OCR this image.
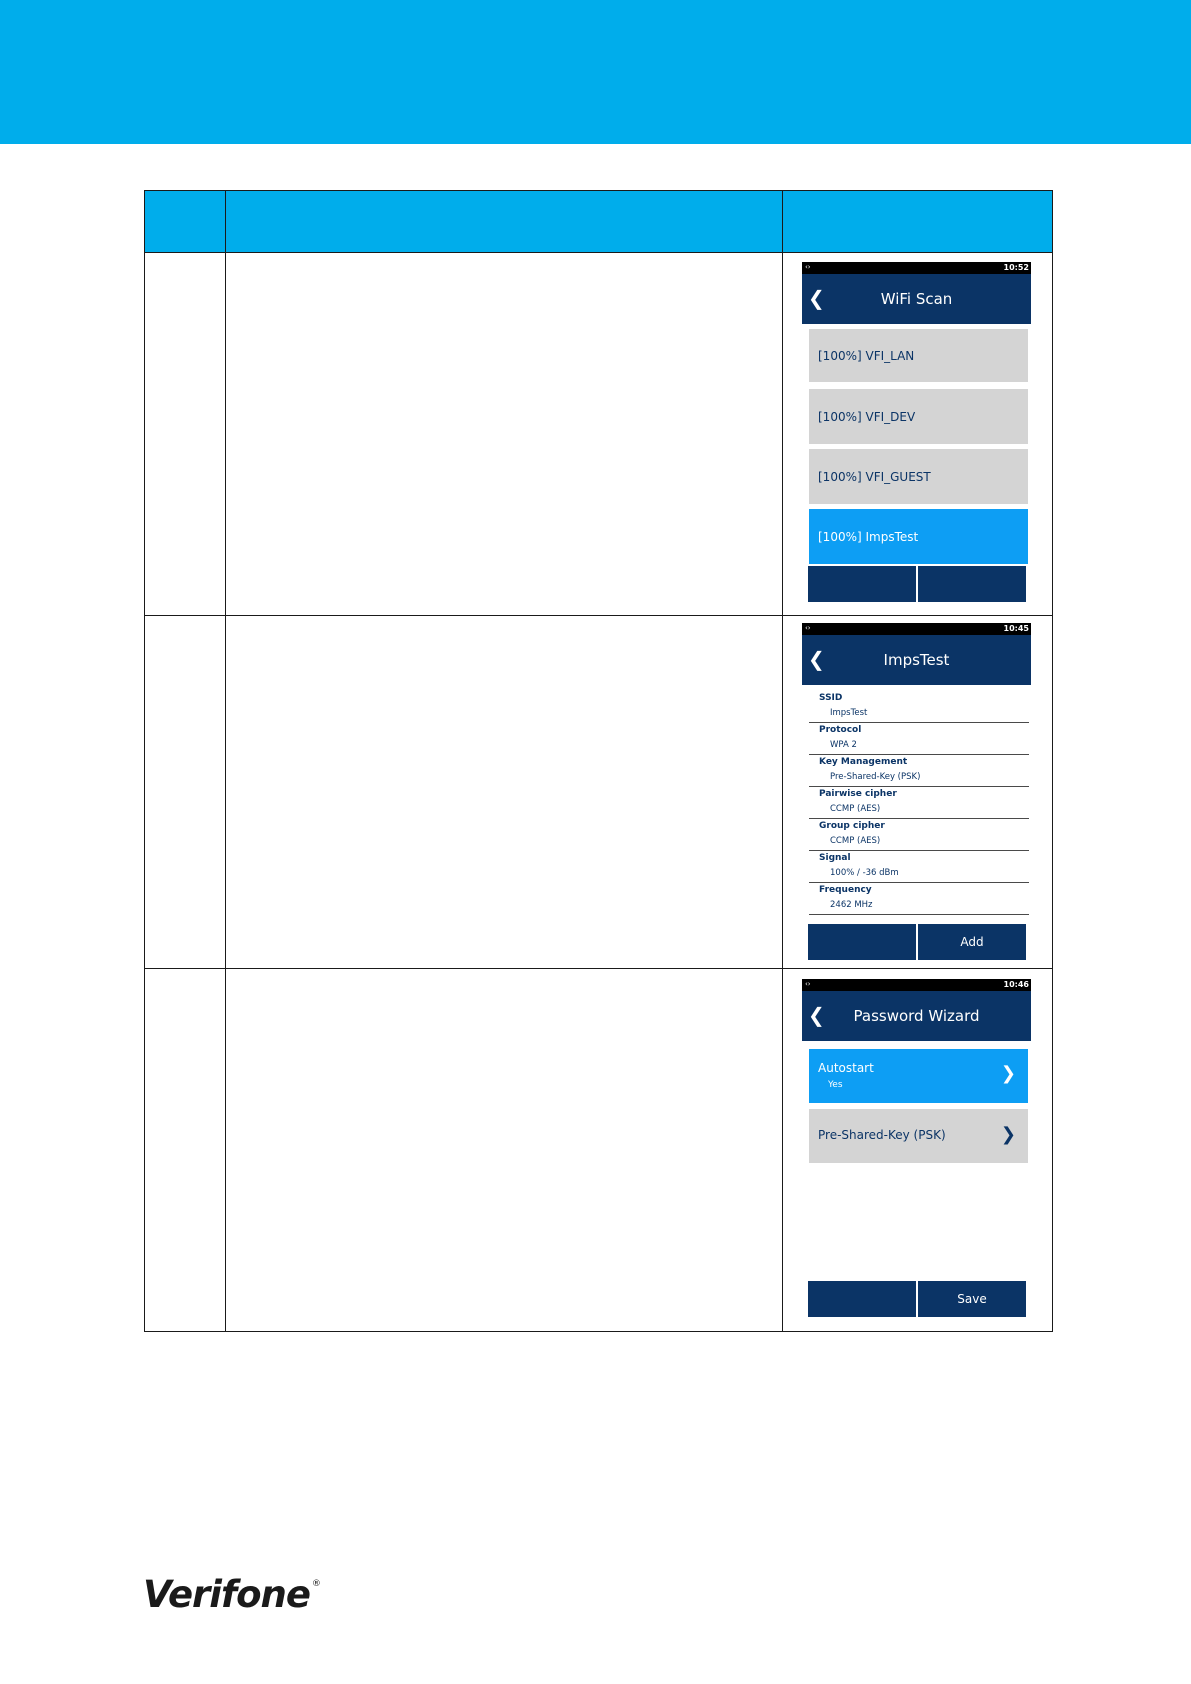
‹›	10:52
❮	WiFi Scan
[100%] VFI_LAN
[100%] VFI_DEV
[100%] VFI_GUEST
[100%] ImpsTest
‹›	10:45
❮	ImpsTest
SSID
ImpsTest
Protocol
WPA 2
Key Management
Pre-Shared-Key (PSK)
Pairwise cipher
CCMP (AES)
Group cipher
CCMP (AES)
Signal
100% / -36 dBm
Frequency
2462 MHz
Add
‹›	10:46
❮	Password Wizard
Autostart
Yes
❯
Pre-Shared-Key (PSK)	❯
Save
Verifone ®
